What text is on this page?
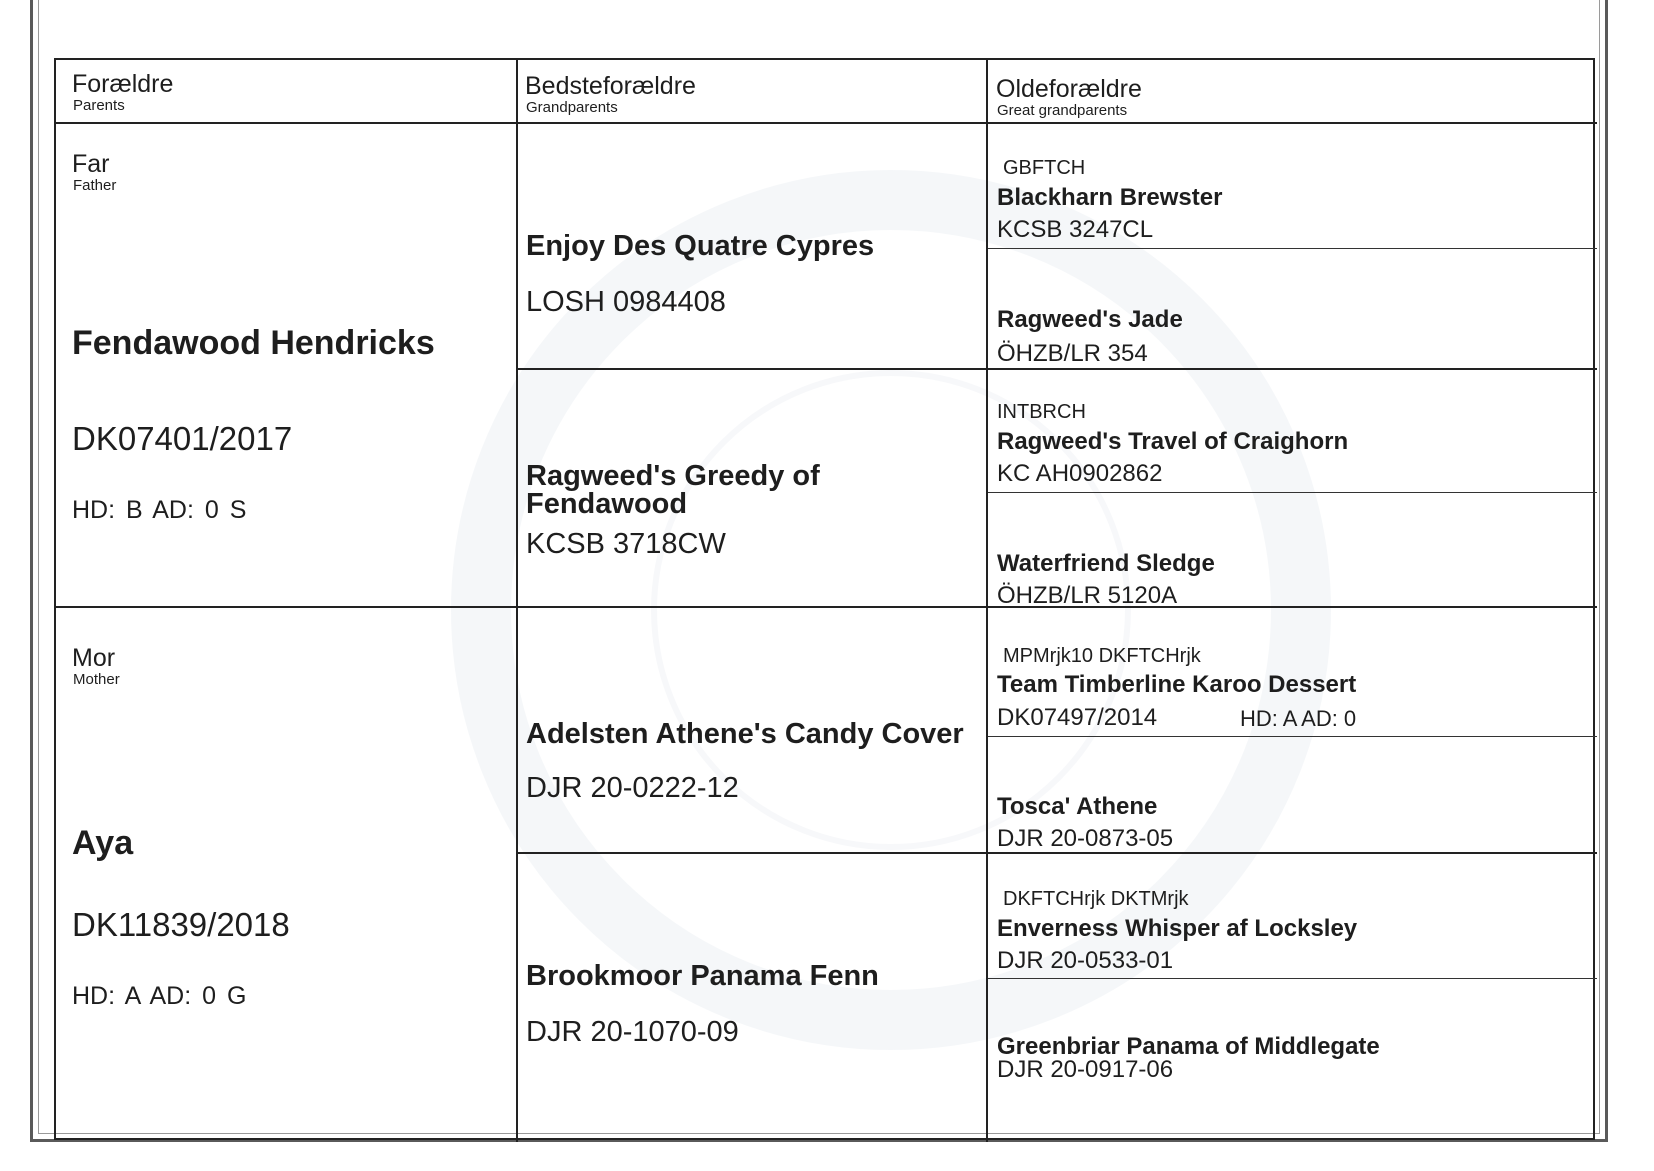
Forældre
Parents
Bedsteforældre
Grandparents
Oldeforældre
Great grandparents
Far
Father
Fendawood Hendricks
DK07401/2017
HD: B AD: 0 S
Mor
Mother
Aya
DK11839/2018
HD: A AD: 0 G
Enjoy Des Quatre Cypres
LOSH 0984408
Ragweed's Greedy of
Fendawood
KCSB 3718CW
Adelsten Athene's Candy Cover
DJR 20-0222-12
Brookmoor Panama Fenn
DJR 20-1070-09
GBFTCH
Blackharn Brewster
KCSB 3247CL
Ragweed's Jade
ÖHZB/LR 354
INTBRCH
Ragweed's Travel of Craighorn
KC AH0902862
Waterfriend Sledge
ÖHZB/LR 5120A
MPMrjk10 DKFTCHrjk
Team Timberline Karoo Dessert
DK07497/2014	HD: A AD: 0
Tosca' Athene
DJR 20-0873-05
DKFTCHrjk DKTMrjk
Enverness Whisper af Locksley
DJR 20-0533-01
Greenbriar Panama of Middlegate
DJR 20-0917-06
